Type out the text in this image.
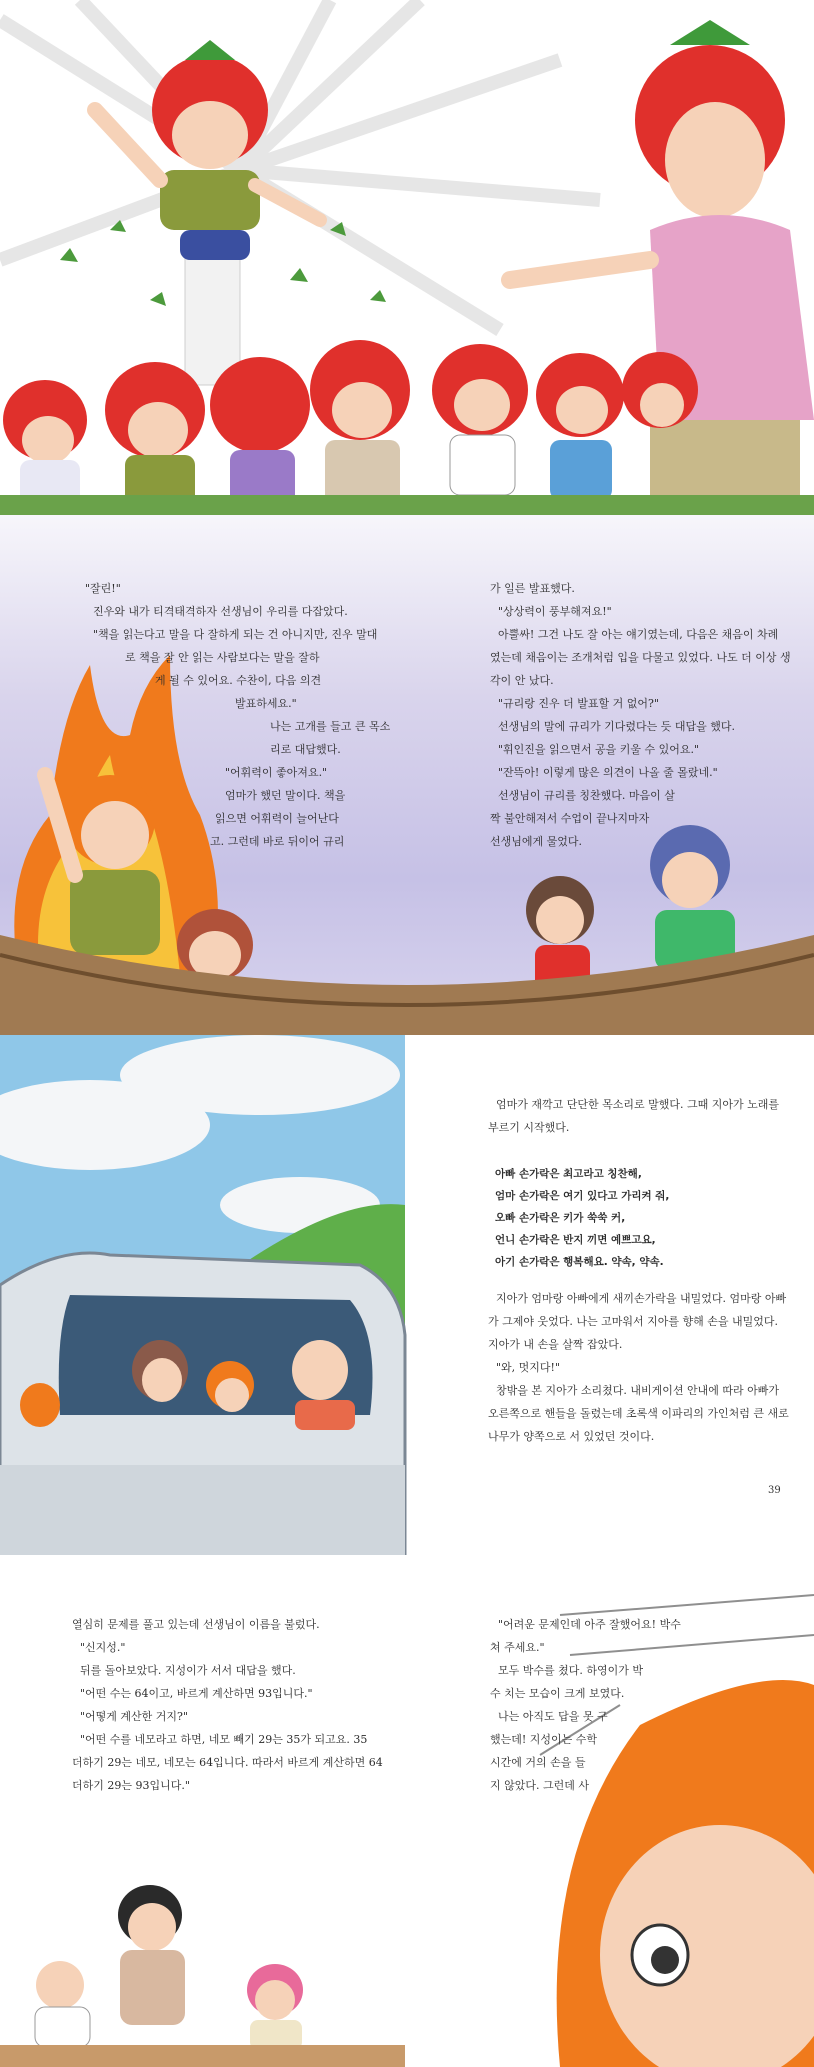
"잘린!"

진우와 내가 티격태격하자 선생님이 우리를 다잡았다.

"책을 읽는다고 말을 다 잘하게 되는 건 아니지만, 진우 말대

로 책을 잘 안 읽는 사람보다는 말을 잘하

게 될 수 있어요. 수찬이, 다음 의견

발표하세요."

나는 고개를 들고 큰 목소

리로 대답했다.

"어휘력이 좋아져요."

엄마가 했던 말이다. 책을

읽으면 어휘력이 늘어난다

고. 그런데 바로 뒤이어 규리

가 일른 발표했다.

"상상력이 풍부해져요!"

아뿔싸! 그건 나도 잘 아는 얘기였는데, 다음은 채음이 차례

였는데 채음이는 조개처럼 입을 다물고 있었다. 나도 더 이상 생

각이 안 났다.

"규리랑 진우 더 발표할 거 없어?"

선생님의 말에 규리가 기다렸다는 듯 대답을 했다.

"휘인진을 읽으면서 공을 키울 수 있어요."

"잔뜩아! 이렇게 많은 의견이 나올 줄 몰랐네."

선생님이 규리를 칭찬했다. 마음이 살

짝 불안해져서 수업이 끝나지마자

선생님에게 물었다.

엄마가 재깍고 단단한 목소리로 말했다. 그때 지아가 노래를

부르기 시작했다.

아빠 손가락은 최고라고 칭찬해,

엄마 손가락은 여기 있다고 가리켜 줘,

오빠 손가락은 키가 쑥쑥 커,

언니 손가락은 반지 끼면 예쁘고요,

아기 손가락은 행복해요. 약속, 약속.

지아가 엄마랑 아빠에게 새끼손가락을 내밀었다. 엄마랑 아빠

가 그제야 웃었다. 나는 고마워서 지아를 향해 손을 내밀었다.

지아가 내 손을 살짝 잡았다.

"와, 멋지다!"

창밖을 본 지아가 소리쳤다. 내비게이션 안내에 따라 아빠가

오른쪽으로 핸들을 돌렸는데 초록색 이파리의 가인처럼 큰 새로

나무가 양쪽으로 서 있었던 것이다.

39

열심히 문제를 풀고 있는데 선생님이 이름을 불렀다.

"신지성."

뒤를 돌아보았다. 지성이가 서서 대답을 했다.

"어떤 수는 64이고, 바르게 계산하면 93입니다."

"어떻게 계산한 거지?"

"어떤 수를 네모라고 하면, 네모 빼기 29는 35가 되고요. 35

더하기 29는 네모, 네모는 64입니다. 따라서 바르게 계산하면 64

더하기 29는 93입니다."

"어려운 문제인데 아주 잘했어요! 박수

쳐 주세요."

모두 박수를 쳤다. 하영이가 박

수 치는 모습이 크게 보였다.

나는 아직도 답을 못 구

했는데! 지성이는 수학

시간에 거의 손을 들

지 않았다. 그런데 사
